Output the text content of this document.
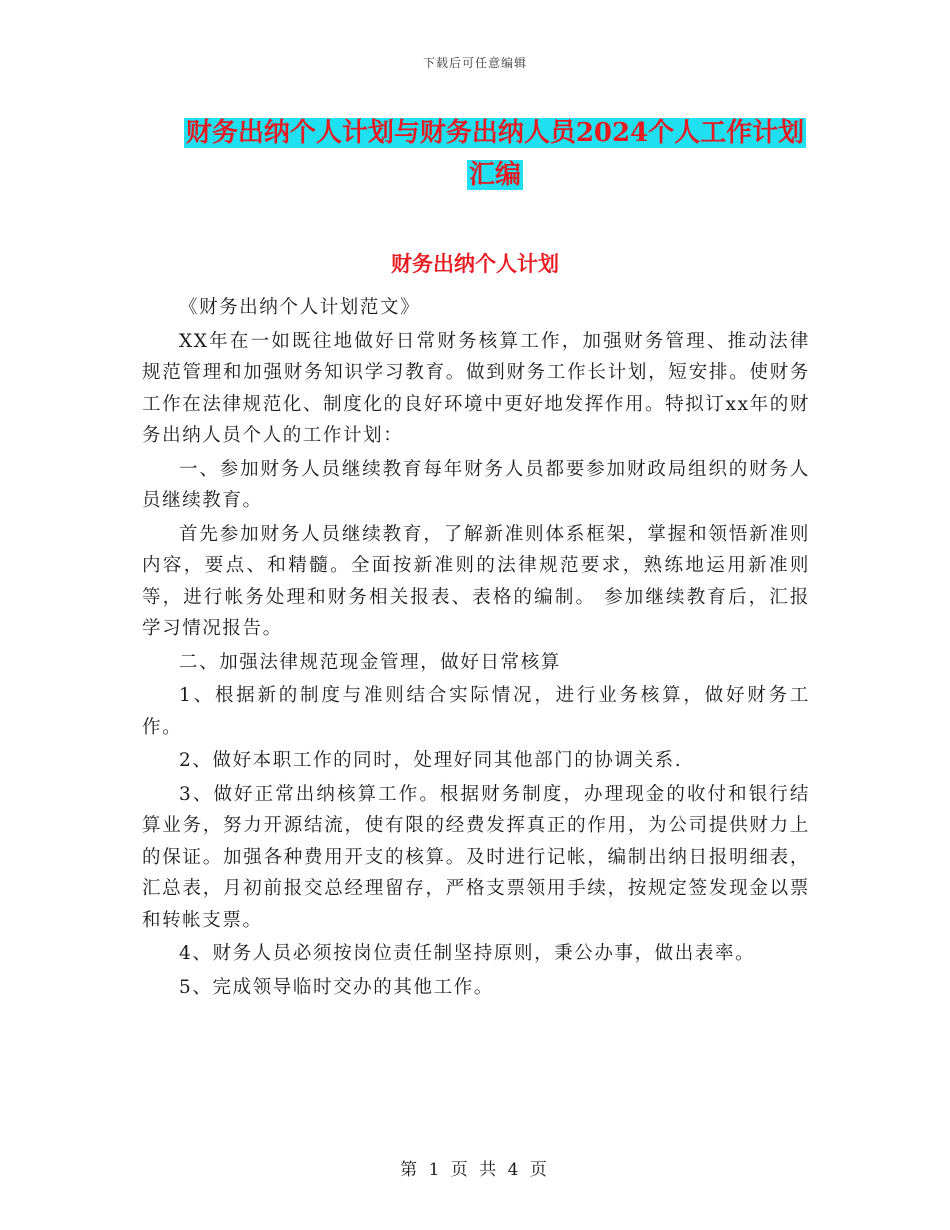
下载后可任意编辑
财务出纳个人计划与财务出纳人员2024个人工作计划
汇编
财务出纳个人计划

《财务出纳个人计划范文》

XX年在一如既往地做好日常财务核算工作，加强财务管理、推动法律规范管理和加强财务知识学习教育。做到财务工作长计划，短安排。使财务工作在法律规范化、制度化的良好环境中更好地发挥作用。特拟订xx年的财务出纳人员个人的工作计划：

一、参加财务人员继续教育每年财务人员都要参加财政局组织的财务人员继续教育。

首先参加财务人员继续教育，了解新准则体系框架，掌握和领悟新准则内容，要点、和精髓。全面按新准则的法律规范要求，熟练地运用新准则等，进行帐务处理和财务相关报表、表格的编制。 参加继续教育后，汇报学习情况报告。

二、加强法律规范现金管理，做好日常核算

1、根据新的制度与准则结合实际情况，进行业务核算，做好财务工作。

2、做好本职工作的同时，处理好同其他部门的协调关系.

3、做好正常出纳核算工作。根据财务制度，办理现金的收付和银行结算业务，努力开源结流，使有限的经费发挥真正的作用，为公司提供财力上的保证。加强各种费用开支的核算。及时进行记帐，编制出纳日报明细表，汇总表，月初前报交总经理留存，严格支票领用手续，按规定签发现金以票和转帐支票。

4、财务人员必须按岗位责任制坚持原则，秉公办事，做出表率。

5、完成领导临时交办的其他工作。

第 1 页 共 4 页
